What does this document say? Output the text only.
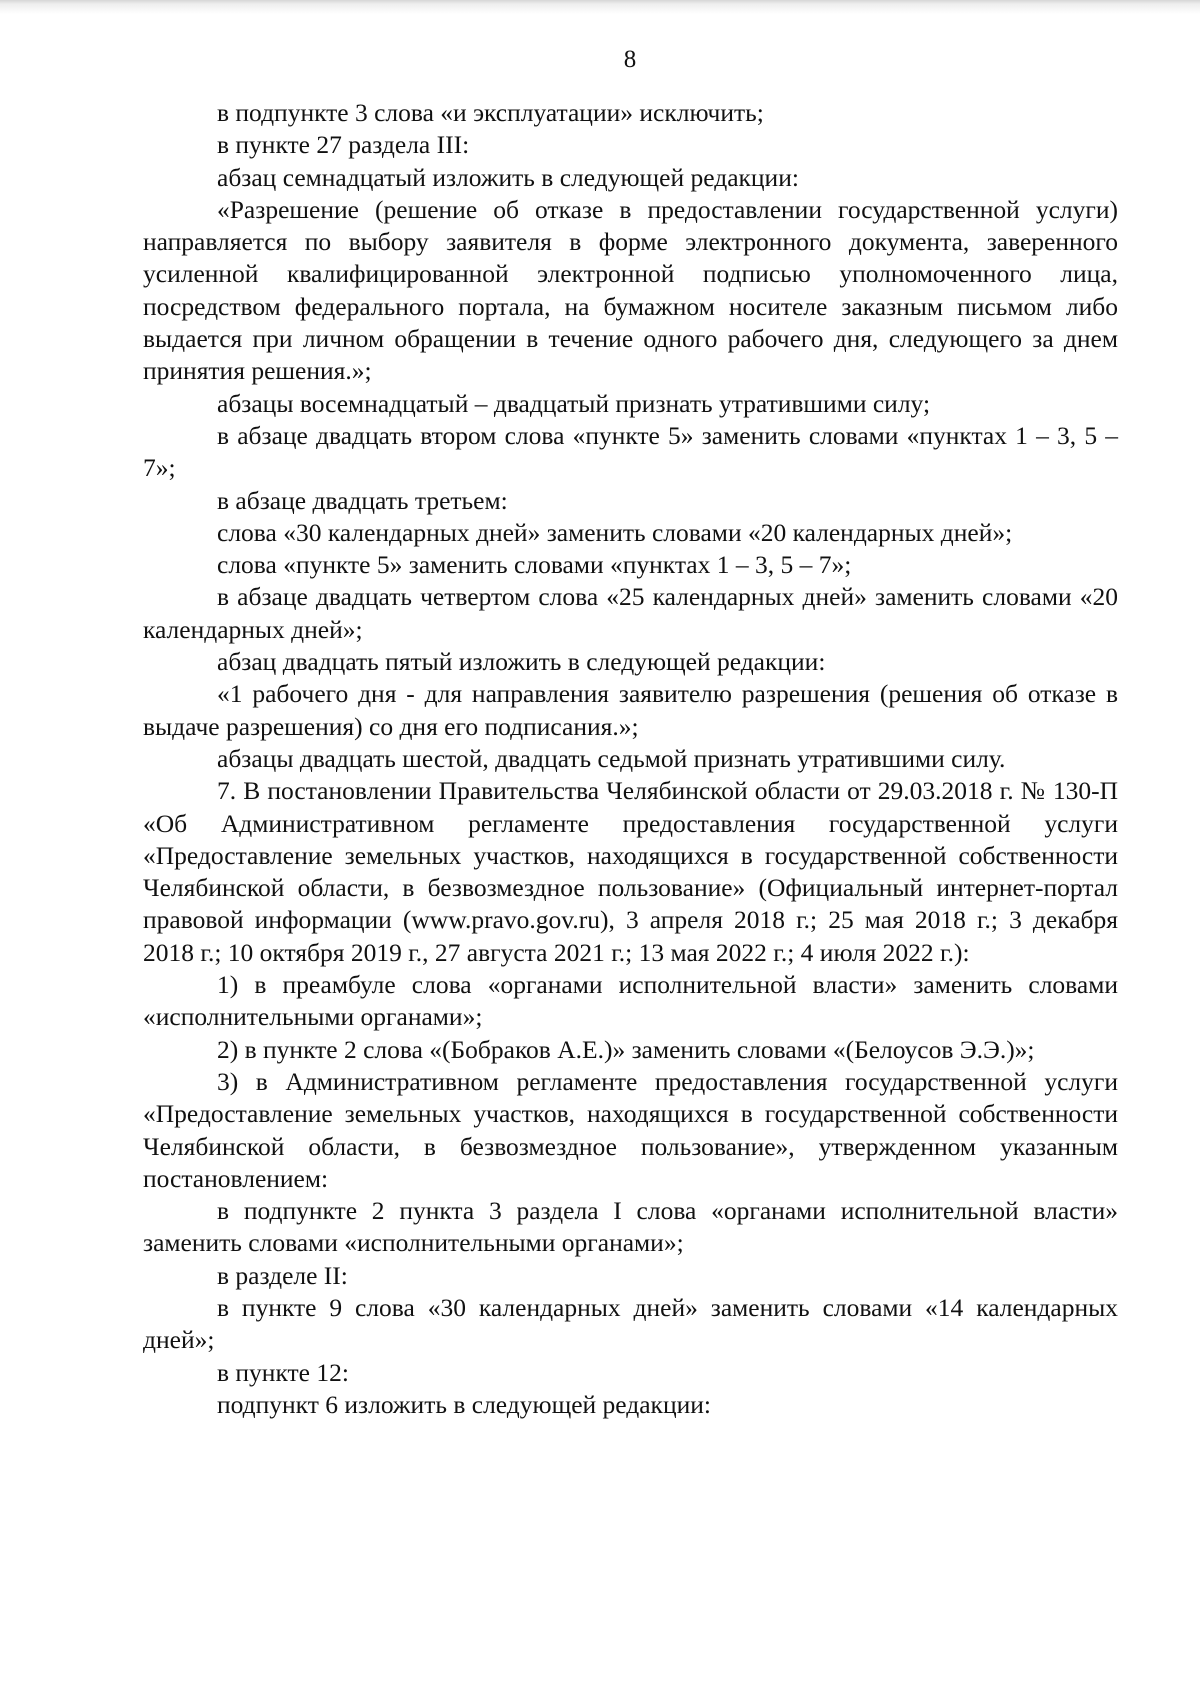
8

в подпункте 3 слова «и эксплуатации» исключить;

в пункте 27 раздела III:

абзац семнадцатый изложить в следующей редакции:

«Разрешение (решение об отказе в предоставлении государственной услуги) направляется по выбору заявителя в форме электронного документа, заверенного усиленной квалифицированной электронной подписью уполномоченного лица, посредством федерального портала, на бумажном носителе заказным письмом либо выдается при личном обращении в течение одного рабочего дня, следующего за днем принятия решения.»;

абзацы восемнадцатый – двадцатый признать утратившими силу;

в абзаце двадцать втором слова «пункте 5» заменить словами «пунктах 1 – 3, 5 – 7»;

в абзаце двадцать третьем:

слова «30 календарных дней» заменить словами «20 календарных дней»;

слова «пункте 5» заменить словами «пунктах 1 – 3, 5 – 7»;

в абзаце двадцать четвертом слова «25 календарных дней» заменить словами «20 календарных дней»;

абзац двадцать пятый изложить в следующей редакции:

«1 рабочего дня - для направления заявителю разрешения (решения об отказе в выдаче разрешения) со дня его подписания.»;

абзацы двадцать шестой, двадцать седьмой признать утратившими силу.

7. В постановлении Правительства Челябинской области от 29.03.2018 г. № 130-П «Об Административном регламенте предоставления государственной услуги «Предоставление земельных участков, находящихся в государственной собственности Челябинской области, в безвозмездное пользование» (Официальный интернет-портал правовой информации (www.pravo.gov.ru), 3 апреля 2018 г.; 25 мая 2018 г.; 3 декабря 2018 г.; 10 октября 2019 г., 27 августа 2021 г.; 13 мая 2022 г.; 4 июля 2022 г.):

1) в преамбуле слова «органами исполнительной власти» заменить словами «исполнительными органами»;

2) в пункте 2 слова «(Бобраков А.Е.)» заменить словами «(Белоусов Э.Э.)»;

3) в Административном регламенте предоставления государственной услуги «Предоставление земельных участков, находящихся в государственной собственности Челябинской области, в безвозмездное пользование», утвержденном указанным постановлением:

в подпункте 2 пункта 3 раздела I слова «органами исполнительной власти» заменить словами «исполнительными органами»;

в разделе II:

в пункте 9 слова «30 календарных дней» заменить словами «14 календарных дней»;

в пункте 12:

подпункт 6 изложить в следующей редакции:
